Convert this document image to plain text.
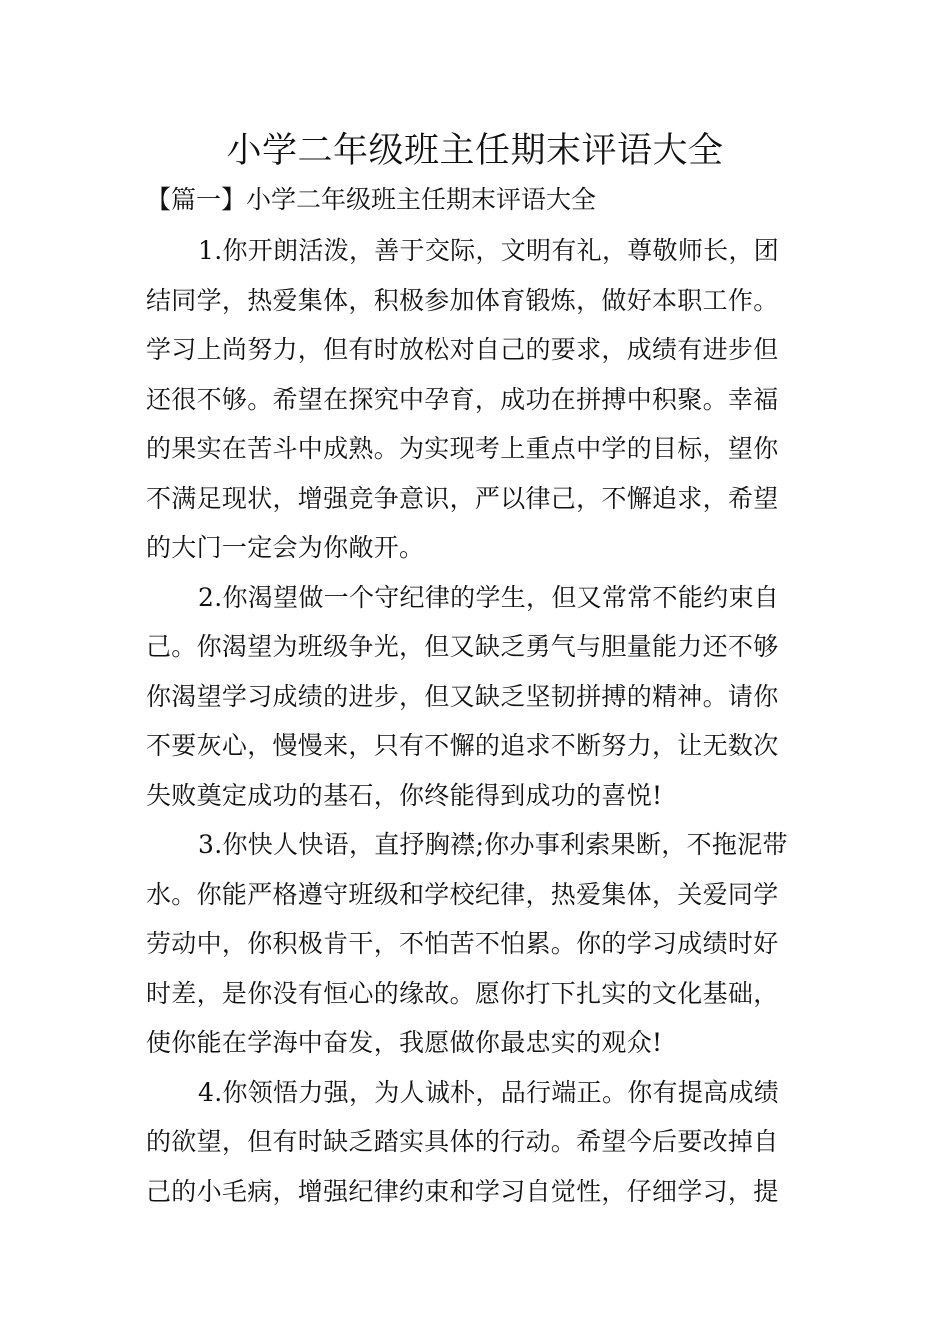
小学二年级班主任期末评语大全

【篇一】小学二年级班主任期末评语大全

1.你开朗活泼，善于交际，文明有礼，尊敬师长，团
结同学，热爱集体，积极参加体育锻炼，做好本职工作。
学习上尚努力，但有时放松对自己的要求，成绩有进步但
还很不够。希望在探究中孕育，成功在拼搏中积聚。幸福
的果实在苦斗中成熟。为实现考上重点中学的目标，望你
不满足现状，增强竞争意识，严以律己，不懈追求，希望
的大门一定会为你敞开。
2.你渴望做一个守纪律的学生，但又常常不能约束自
己。你渴望为班级争光，但又缺乏勇气与胆量能力还不够
你渴望学习成绩的进步，但又缺乏坚韧拼搏的精神。请你
不要灰心，慢慢来，只有不懈的追求不断努力，让无数次
失败奠定成功的基石，你终能得到成功的喜悦!
3.你快人快语，直抒胸襟;你办事利索果断，不拖泥带
水。你能严格遵守班级和学校纪律，热爱集体，关爱同学
劳动中，你积极肯干，不怕苦不怕累。你的学习成绩时好
时差，是你没有恒心的缘故。愿你打下扎实的文化基础，
使你能在学海中奋发，我愿做你最忠实的观众!
4.你领悟力强，为人诚朴，品行端正。你有提高成绩
的欲望，但有时缺乏踏实具体的行动。希望今后要改掉自
己的小毛病，增强纪律约束和学习自觉性，仔细学习，提
